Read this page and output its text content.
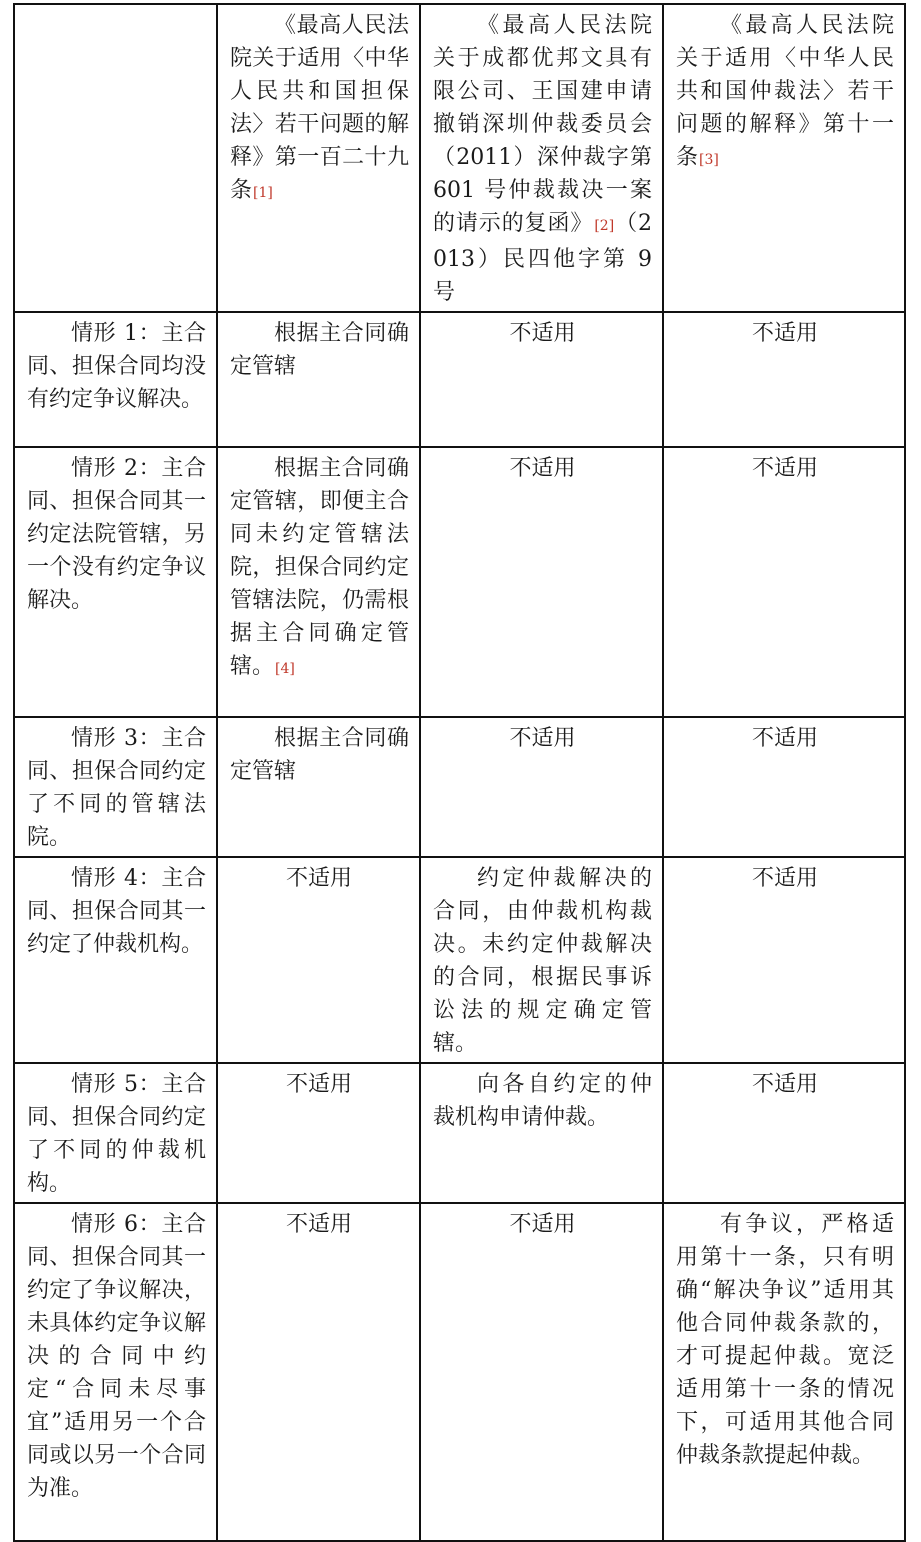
	《最高人民法院关于适用〈中华人民共和国担保法〉若干问题的解释》第一百二十九条[1]	《最高人民法院关于成都优邦文具有限公司、王国建申请撤销深圳仲裁委员会（2011）深仲裁字第 601 号仲裁裁决一案的请示的复函》[2]（2013）民四他字第 9 号	《最高人民法院关于适用〈中华人民共和国仲裁法〉若干问题的解释》第十一条[3]
情形 1：主合同、担保合同均没有约定争议解决。	根据主合同确定管辖	不适用	不适用
情形 2：主合同、担保合同其一约定法院管辖，另一个没有约定争议解决。	根据主合同确定管辖，即便主合同未约定管辖法院，担保合同约定管辖法院，仍需根据主合同确定管辖。[4]	不适用	不适用
情形 3：主合同、担保合同约定了不同的管辖法院。	根据主合同确定管辖	不适用	不适用
情形 4：主合同、担保合同其一约定了仲裁机构。	不适用	约定仲裁解决的合同，由仲裁机构裁决。未约定仲裁解决的合同，根据民事诉讼法的规定确定管辖。	不适用
情形 5：主合同、担保合同约定了不同的仲裁机构。	不适用	向各自约定的仲裁机构申请仲裁。	不适用
情形 6：主合同、担保合同其一约定了争议解决，未具体约定争议解决的合同中约定“合同未尽事宜”适用另一个合同或以另一个合同为准。	不适用	不适用	有争议，严格适用第十一条，只有明确“解决争议”适用其他合同仲裁条款的，才可提起仲裁。宽泛适用第十一条的情况下，可适用其他合同仲裁条款提起仲裁。
